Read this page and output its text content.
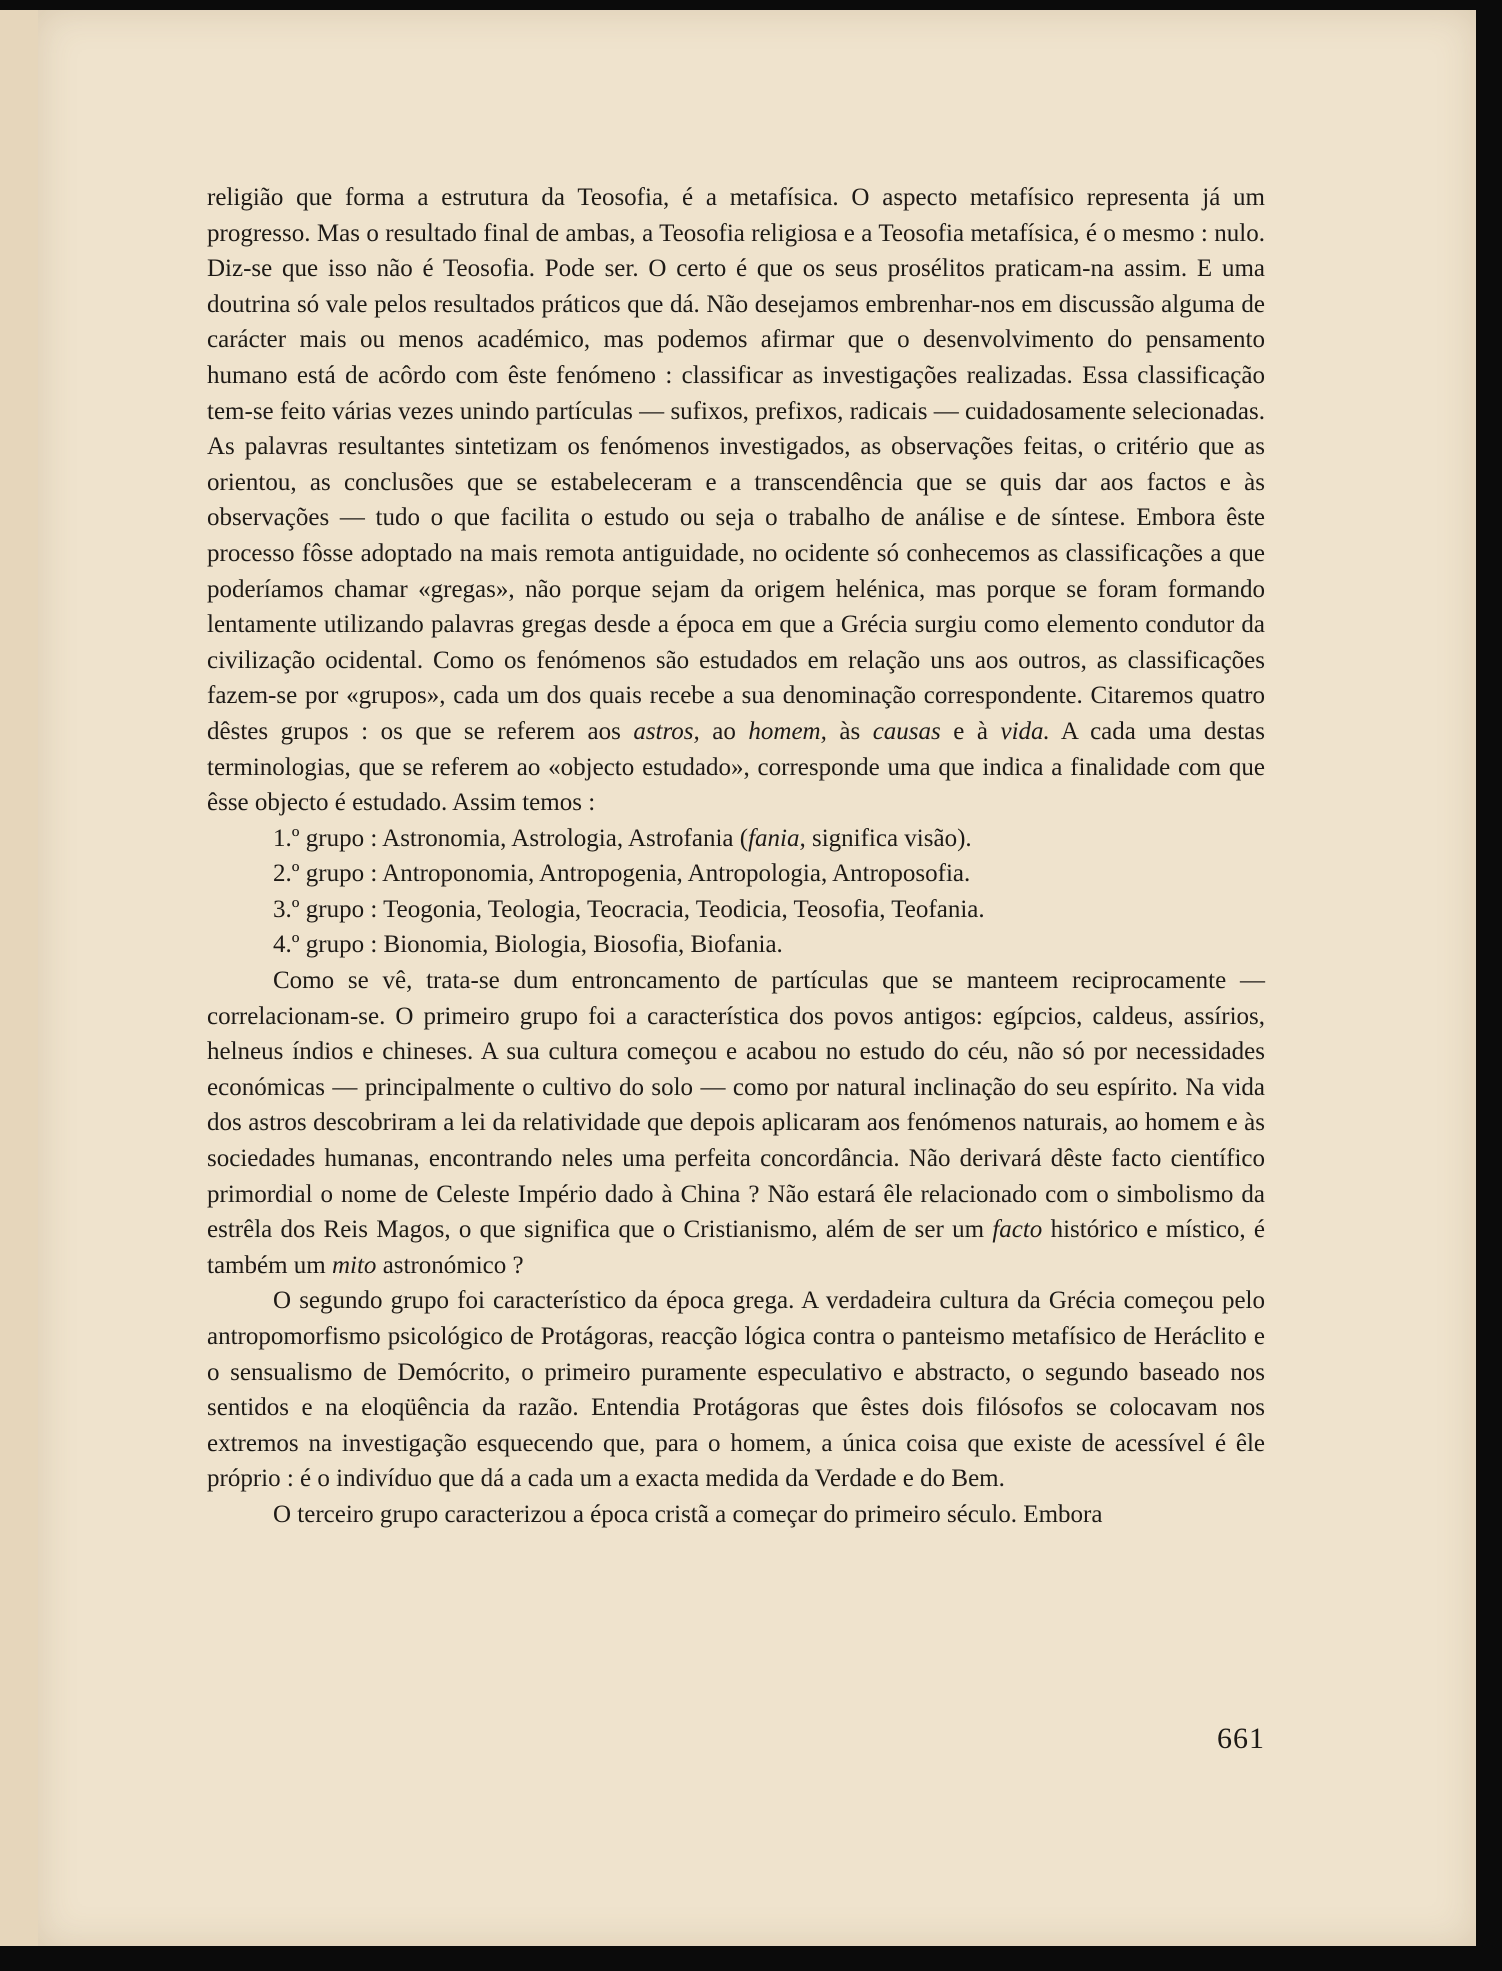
religião que forma a estrutura da Teosofia, é a metafísica. O aspecto metafísico representa já um progresso. Mas o resultado final de ambas, a Teosofia religiosa e a Teosofia metafísica, é o mesmo : nulo. Diz-se que isso não é Teosofia. Pode ser. O certo é que os seus prosélitos praticam-na assim. E uma doutrina só vale pelos resultados práticos que dá. Não desejamos embrenhar-nos em discussão alguma de carácter mais ou menos académico, mas podemos afirmar que o desenvolvimento do pensamento humano está de acôrdo com êste fenómeno : classificar as investigações realizadas. Essa classificação tem-se feito várias vezes unindo partículas — sufixos, prefixos, radicais — cuidadosamente selecionadas. As palavras resultantes sintetizam os fenómenos investigados, as observações feitas, o critério que as orientou, as conclusões que se estabeleceram e a transcendência que se quis dar aos factos e às observações — tudo o que facilita o estudo ou seja o trabalho de análise e de síntese. Embora êste processo fôsse adoptado na mais remota antiguidade, no ocidente só conhecemos as classificações a que poderíamos chamar «gregas», não porque sejam da origem helénica, mas porque se foram formando lentamente utilizando palavras gregas desde a época em que a Grécia surgiu como elemento condutor da civilização ocidental. Como os fenómenos são estudados em relação uns aos outros, as classificações fazem-se por «grupos», cada um dos quais recebe a sua denominação correspondente. Citaremos quatro dêstes grupos : os que se referem aos astros, ao homem, às causas e à vida. A cada uma destas terminologias, que se referem ao «objecto estudado», corresponde uma que indica a finalidade com que êsse objecto é estudado. Assim temos :

1.º grupo : Astronomia, Astrologia, Astrofania (fania, significa visão).
2.º grupo : Antroponomia, Antropogenia, Antropologia, Antroposofia.
3.º grupo : Teogonia, Teologia, Teocracia, Teodicia, Teosofia, Teofania.
4.º grupo : Bionomia, Biologia, Biosofia, Biofania.

Como se vê, trata-se dum entroncamento de partículas que se manteem reciprocamente — correlacionam-se. O primeiro grupo foi a característica dos povos antigos: egípcios, caldeus, assírios, helneus índios e chineses. A sua cultura começou e acabou no estudo do céu, não só por necessidades económicas — principalmente o cultivo do solo — como por natural inclinação do seu espírito. Na vida dos astros descobriram a lei da relatividade que depois aplicaram aos fenómenos naturais, ao homem e às sociedades humanas, encontrando neles uma perfeita concordância. Não derivará dêste facto científico primordial o nome de Celeste Império dado à China ? Não estará êle relacionado com o simbolismo da estrêla dos Reis Magos, o que significa que o Cristianismo, além de ser um facto histórico e místico, é também um mito astronómico ?

O segundo grupo foi característico da época grega. A verdadeira cultura da Grécia começou pelo antropomorfismo psicológico de Protágoras, reacção lógica contra o panteismo metafísico de Heráclito e o sensualismo de Demócrito, o primeiro puramente especulativo e abstracto, o segundo baseado nos sentidos e na eloqüência da razão. Entendia Protágoras que êstes dois filósofos se colocavam nos extremos na investigação esquecendo que, para o homem, a única coisa que existe de acessível é êle próprio : é o indivíduo que dá a cada um a exacta medida da Verdade e do Bem.

O terceiro grupo caracterizou a época cristã a começar do primeiro século. Embora

661
